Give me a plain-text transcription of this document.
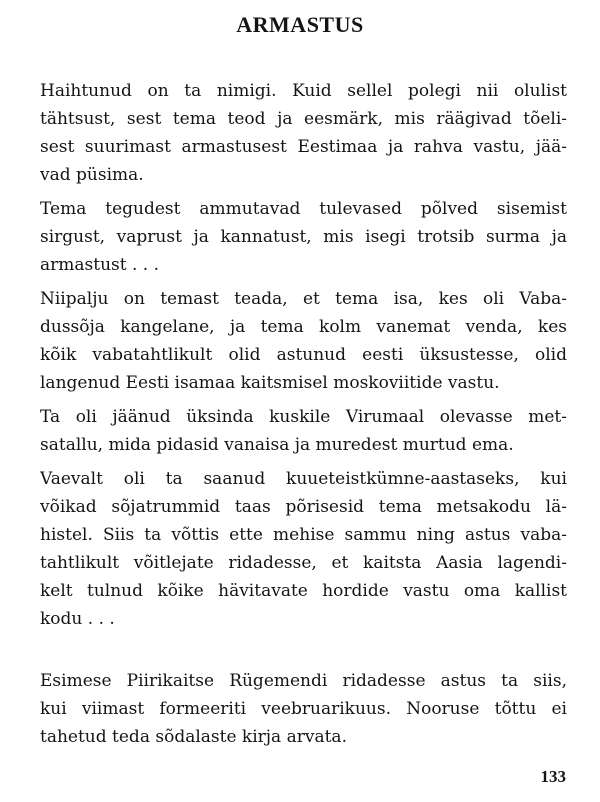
ARMASTUS
Haihtunud on ta nimigi. Kuid sellel polegi nii olulist
tähtsust, sest tema teod ja eesmärk, mis räägivad tõeli-
sest suurimast armastusest Eestimaa ja rahva vastu, jää-
vad püsima.
Tema tegudest ammutavad tulevased põlved sisemist
sirgust, vaprust ja kannatust, mis isegi trotsib surma ja
armastust . . .
Niipalju on temast teada, et tema isa, kes oli Vaba-
dussõja kangelane, ja tema kolm vanemat venda, kes
kõik vabatahtlikult olid astunud eesti üksustesse, olid
langenud Eesti isamaa kaitsmisel moskoviitide vastu.
Ta oli jäänud üksinda kuskile Virumaal olevasse met-
satallu, mida pidasid vanaisa ja muredest murtud ema.
Vaevalt oli ta saanud kuueteistkümne-aastaseks, kui
võikad sõjatrummid taas põrisesid tema metsakodu lä-
histel. Siis ta võttis ette mehise sammu ning astus vaba-
tahtlikult võitlejate ridadesse, et kaitsta Aasia lagendi-
kelt tulnud kõike hävitavate hordide vastu oma kallist
kodu . . .
Esimese Piirikaitse Rügemendi ridadesse astus ta siis,
kui viimast formeeriti veebruarikuus. Nooruse tõttu ei
tahetud teda sõdalaste kirja arvata.
133
